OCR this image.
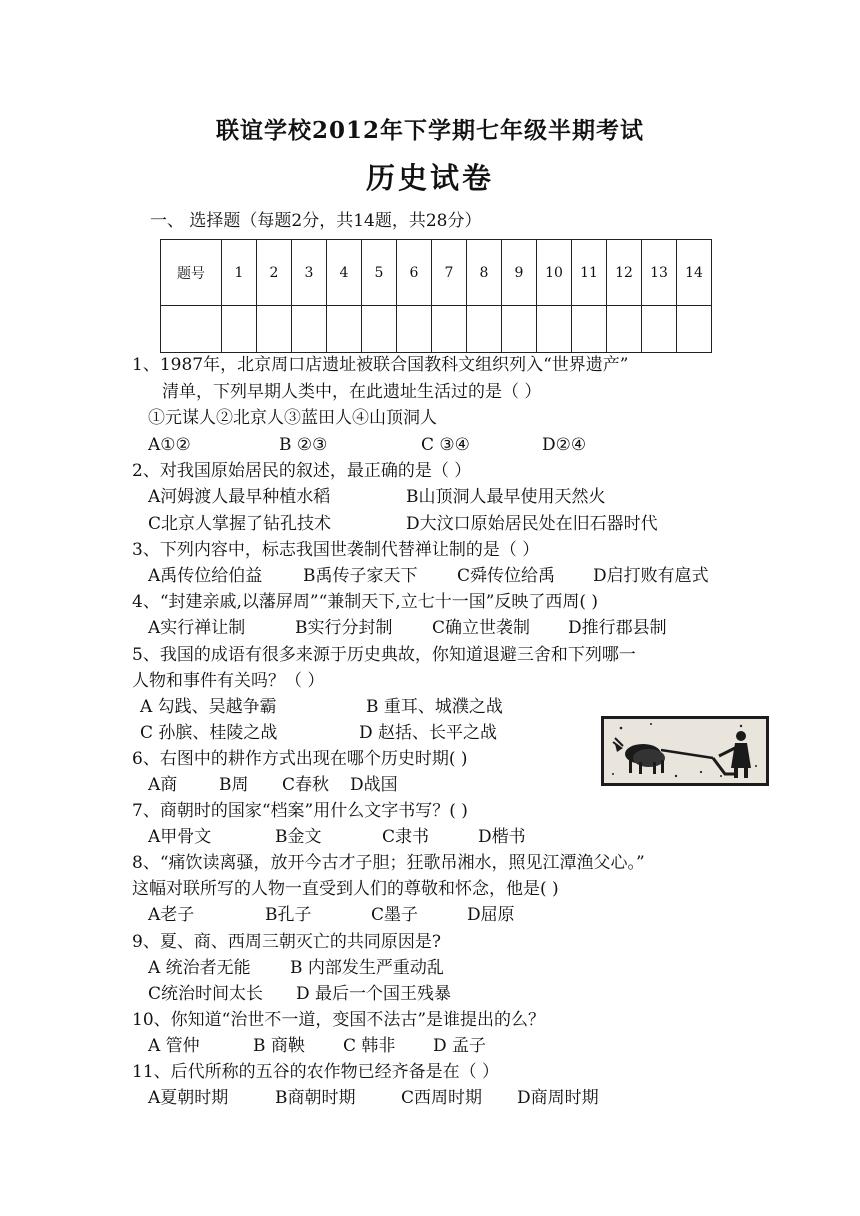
联谊学校2012年下学期七年级半期考试
历史试卷
一、 选择题（每题2分，共14题，共28分）
题号	1	2	3	4	5	6	7	8	9	10	11	12	13	14

1、1987年，北京周口店遗址被联合国教科文组织列入“世界遗产”
清单，下列早期人类中，在此遗址生活过的是（ ）
①元谋人②北京人③蓝田人④山顶洞人
A①②	B ②③	C ③④	D②④
2、对我国原始居民的叙述，最正确的是（ ）
A河姆渡人最早种植水稻	B山顶洞人最早使用天然火
C北京人掌握了钻孔技术	D大汶口原始居民处在旧石器时代
3、下列内容中，标志我国世袭制代替禅让制的是（ ）
A禹传位给伯益 B禹传子家天下 C舜传位给禹 D启打败有扈式
4、“封建亲戚,以藩屏周”“兼制天下,立七十一国”反映了西周( )
A实行禅让制	B实行分封制 C确立世袭制 D推行郡县制
5、我国的成语有很多来源于历史典故，你知道退避三舍和下列哪一
人物和事件有关吗？（ ）
A 勾践、吴越争霸	B 重耳、城濮之战
C 孙膑、桂陵之战	D 赵括、长平之战
6、右图中的耕作方式出现在哪个历史时期( )
A商 B周 C春秋 D战国
7、商朝时的国家“档案”用什么文字书写？( )
A甲骨文	B金文	C隶书	D楷书
8、“痛饮读离骚，放开今古才子胆；狂歌吊湘水，照见江潭渔父心。”
这幅对联所写的人物一直受到人们的尊敬和怀念，他是( )
A老子	B孔子	C墨子	D屈原
9、夏、商、西周三朝灭亡的共同原因是?
A 统治者无能 B 内部发生严重动乱
C统治时间太长 D 最后一个国王残暴
10、你知道“治世不一道，变国不法古”是谁提出的么？
A 管仲	B 商鞅 C 韩非 D 孟子
11、后代所称的五谷的农作物已经齐备是在（ ）
A夏朝时期	B商朝时期	C西周时期 D商周时期
